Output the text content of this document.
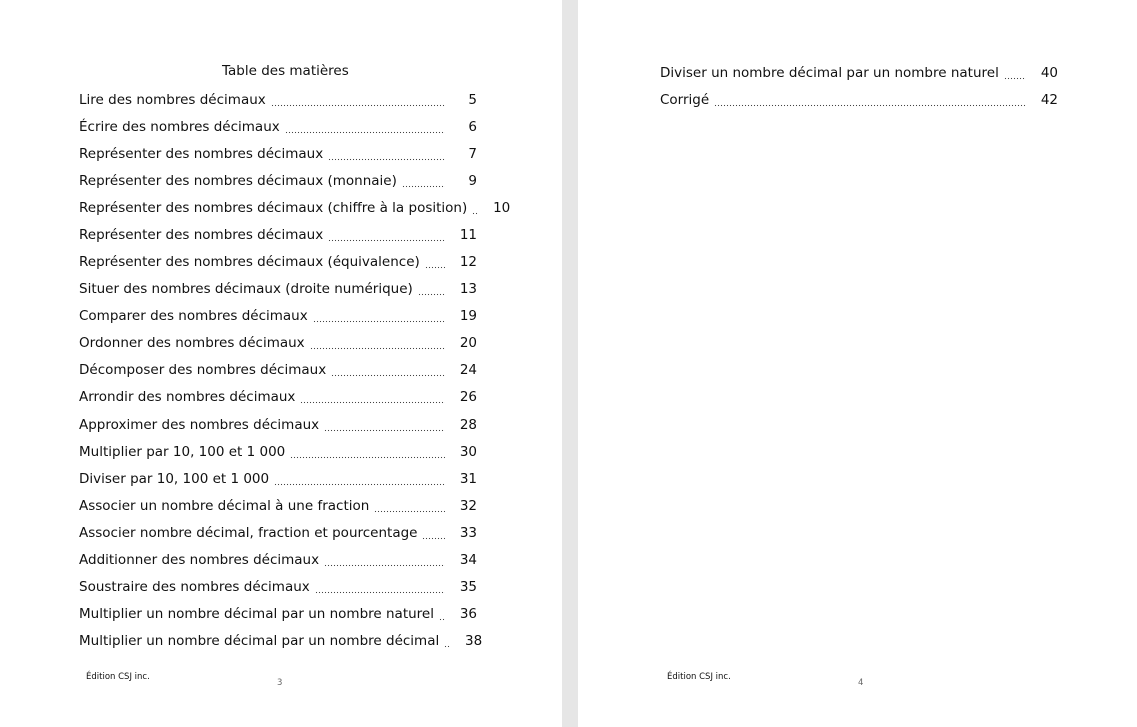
Table des matières
Lire des nombres décimaux	5
Écrire des nombres décimaux	6
Représenter des nombres décimaux	7
Représenter des nombres décimaux (monnaie)	9
Représenter des nombres décimaux (chiffre à la position)	10
Représenter des nombres décimaux	11
Représenter des nombres décimaux (équivalence)	12
Situer des nombres décimaux (droite numérique)	13
Comparer des nombres décimaux	19
Ordonner des nombres décimaux	20
Décomposer des nombres décimaux	24
Arrondir des nombres décimaux	26
Approximer des nombres décimaux	28
Multiplier par 10, 100 et 1 000	30
Diviser par 10, 100 et 1 000	31
Associer un nombre décimal à une fraction	32
Associer nombre décimal, fraction et pourcentage	33
Additionner des nombres décimaux	34
Soustraire des nombres décimaux	35
Multiplier un nombre décimal par un nombre naturel	36
Multiplier un nombre décimal par un nombre décimal	38
Édition CSJ inc.
3
Diviser un nombre décimal par un nombre naturel	40
Corrigé	42
Édition CSJ inc.
4
